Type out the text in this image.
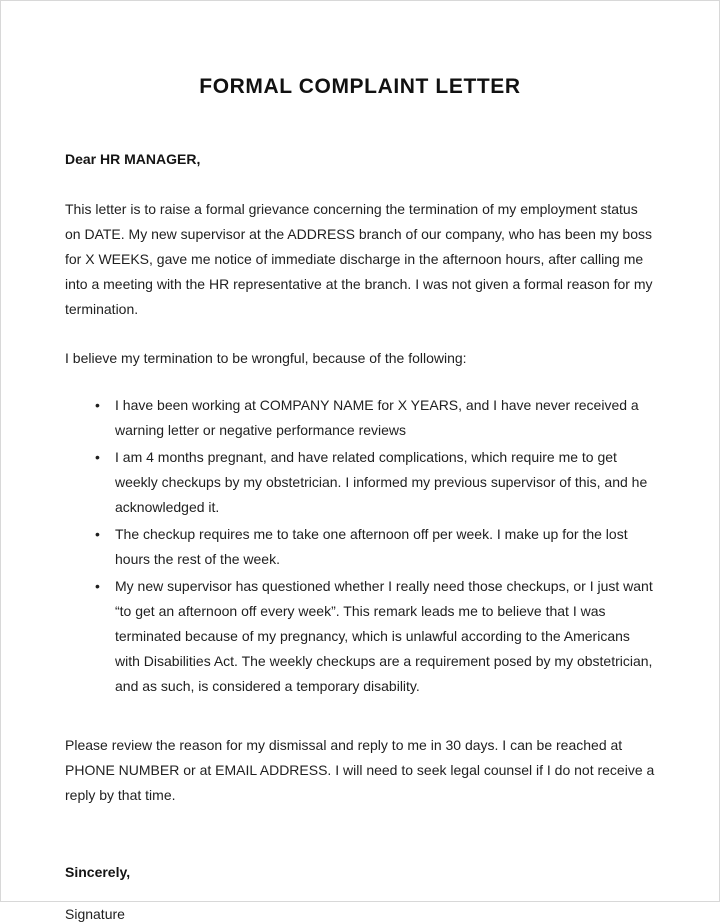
FORMAL COMPLAINT LETTER
Dear HR MANAGER,

This letter is to raise a formal grievance concerning the termination of my employment status on DATE. My new supervisor at the ADDRESS branch of our company, who has been my boss for X WEEKS, gave me notice of immediate discharge in the afternoon hours, after calling me into a meeting with the HR representative at the branch. I was not given a formal reason for my termination.

I believe my termination to be wrongful, because of the following:

• I have been working at COMPANY NAME for X YEARS, and I have never received a warning letter or negative performance reviews
• I am 4 months pregnant, and have related complications, which require me to get weekly checkups by my obstetrician. I informed my previous supervisor of this, and he acknowledged it.
• The checkup requires me to take one afternoon off per week. I make up for the lost hours the rest of the week.
• My new supervisor has questioned whether I really need those checkups, or I just want “to get an afternoon off every week”. This remark leads me to believe that I was terminated because of my pregnancy, which is unlawful according to the Americans with Disabilities Act. The weekly checkups are a requirement posed by my obstetrician, and as such, is considered a temporary disability.

Please review the reason for my dismissal and reply to me in 30 days. I can be reached at PHONE NUMBER or at EMAIL ADDRESS. I will need to seek legal counsel if I do not receive a reply by that time.

Sincerely,
Signature
